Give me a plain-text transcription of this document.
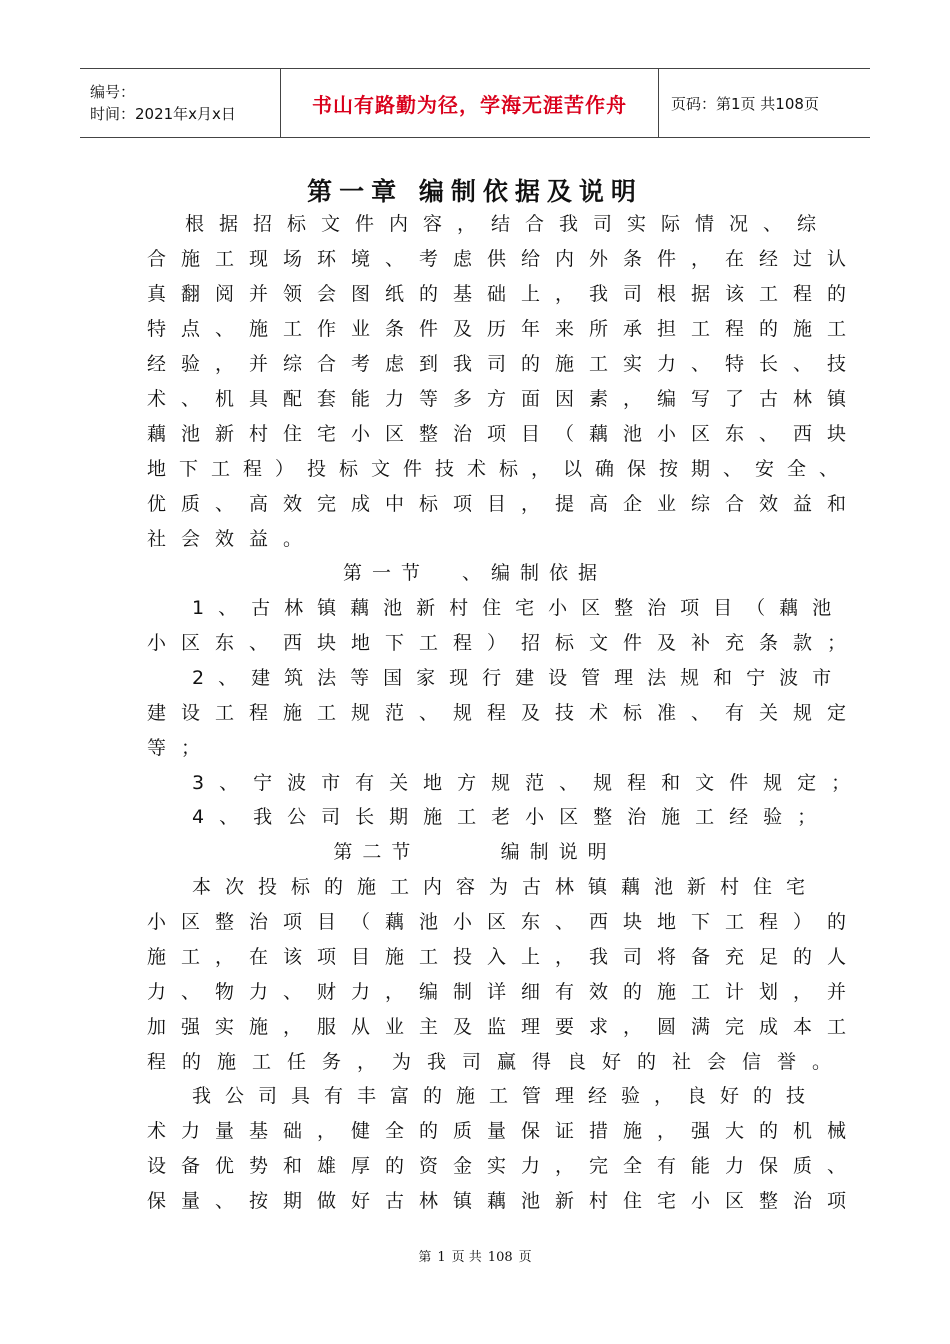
编号：
时间：2021年x月x日	书山有路勤为径，学海无涯苦作舟	页码：第1页 共108页
第一章 编制依据及说明
根据招标文件内容，结合我司实际情况、综
合施工现场环境、考虑供给内外条件，在经过认
真翻阅并领会图纸的基础上，我司根据该工程的
特点、施工作业条件及历年来所承担工程的施工
经验，并综合考虑到我司的施工实力、特长、技
术、机具配套能力等多方面因素，编写了古林镇
藕池新村住宅小区整治项目（藕池小区东、西块
地下工程）投标文件技术标，以确保按期、安全、
优质、高效完成中标项目，提高企业综合效益和
社会效益。
第一节  、编制依据
1、古林镇藕池新村住宅小区整治项目（藕池
小区东、西块地下工程）招标文件及补充条款；
2、建筑法等国家现行建设管理法规和宁波市
建设工程施工规范、规程及技术标准、有关规定
等；
3、宁波市有关地方规范、规程和文件规定；
4、我公司长期施工老小区整治施工经验；
第二节     编制说明
本次投标的施工内容为古林镇藕池新村住宅
小区整治项目（藕池小区东、西块地下工程）的
施工，在该项目施工投入上，我司将备充足的人
力、物力、财力，编制详细有效的施工计划，并
加强实施，服从业主及监理要求，圆满完成本工
程的施工任务，为我司赢得良好的社会信誉。
我公司具有丰富的施工管理经验，良好的技
术力量基础，健全的质量保证措施，强大的机械
设备优势和雄厚的资金实力，完全有能力保质、
保量、按期做好古林镇藕池新村住宅小区整治项
第 1 页 共 108 页
